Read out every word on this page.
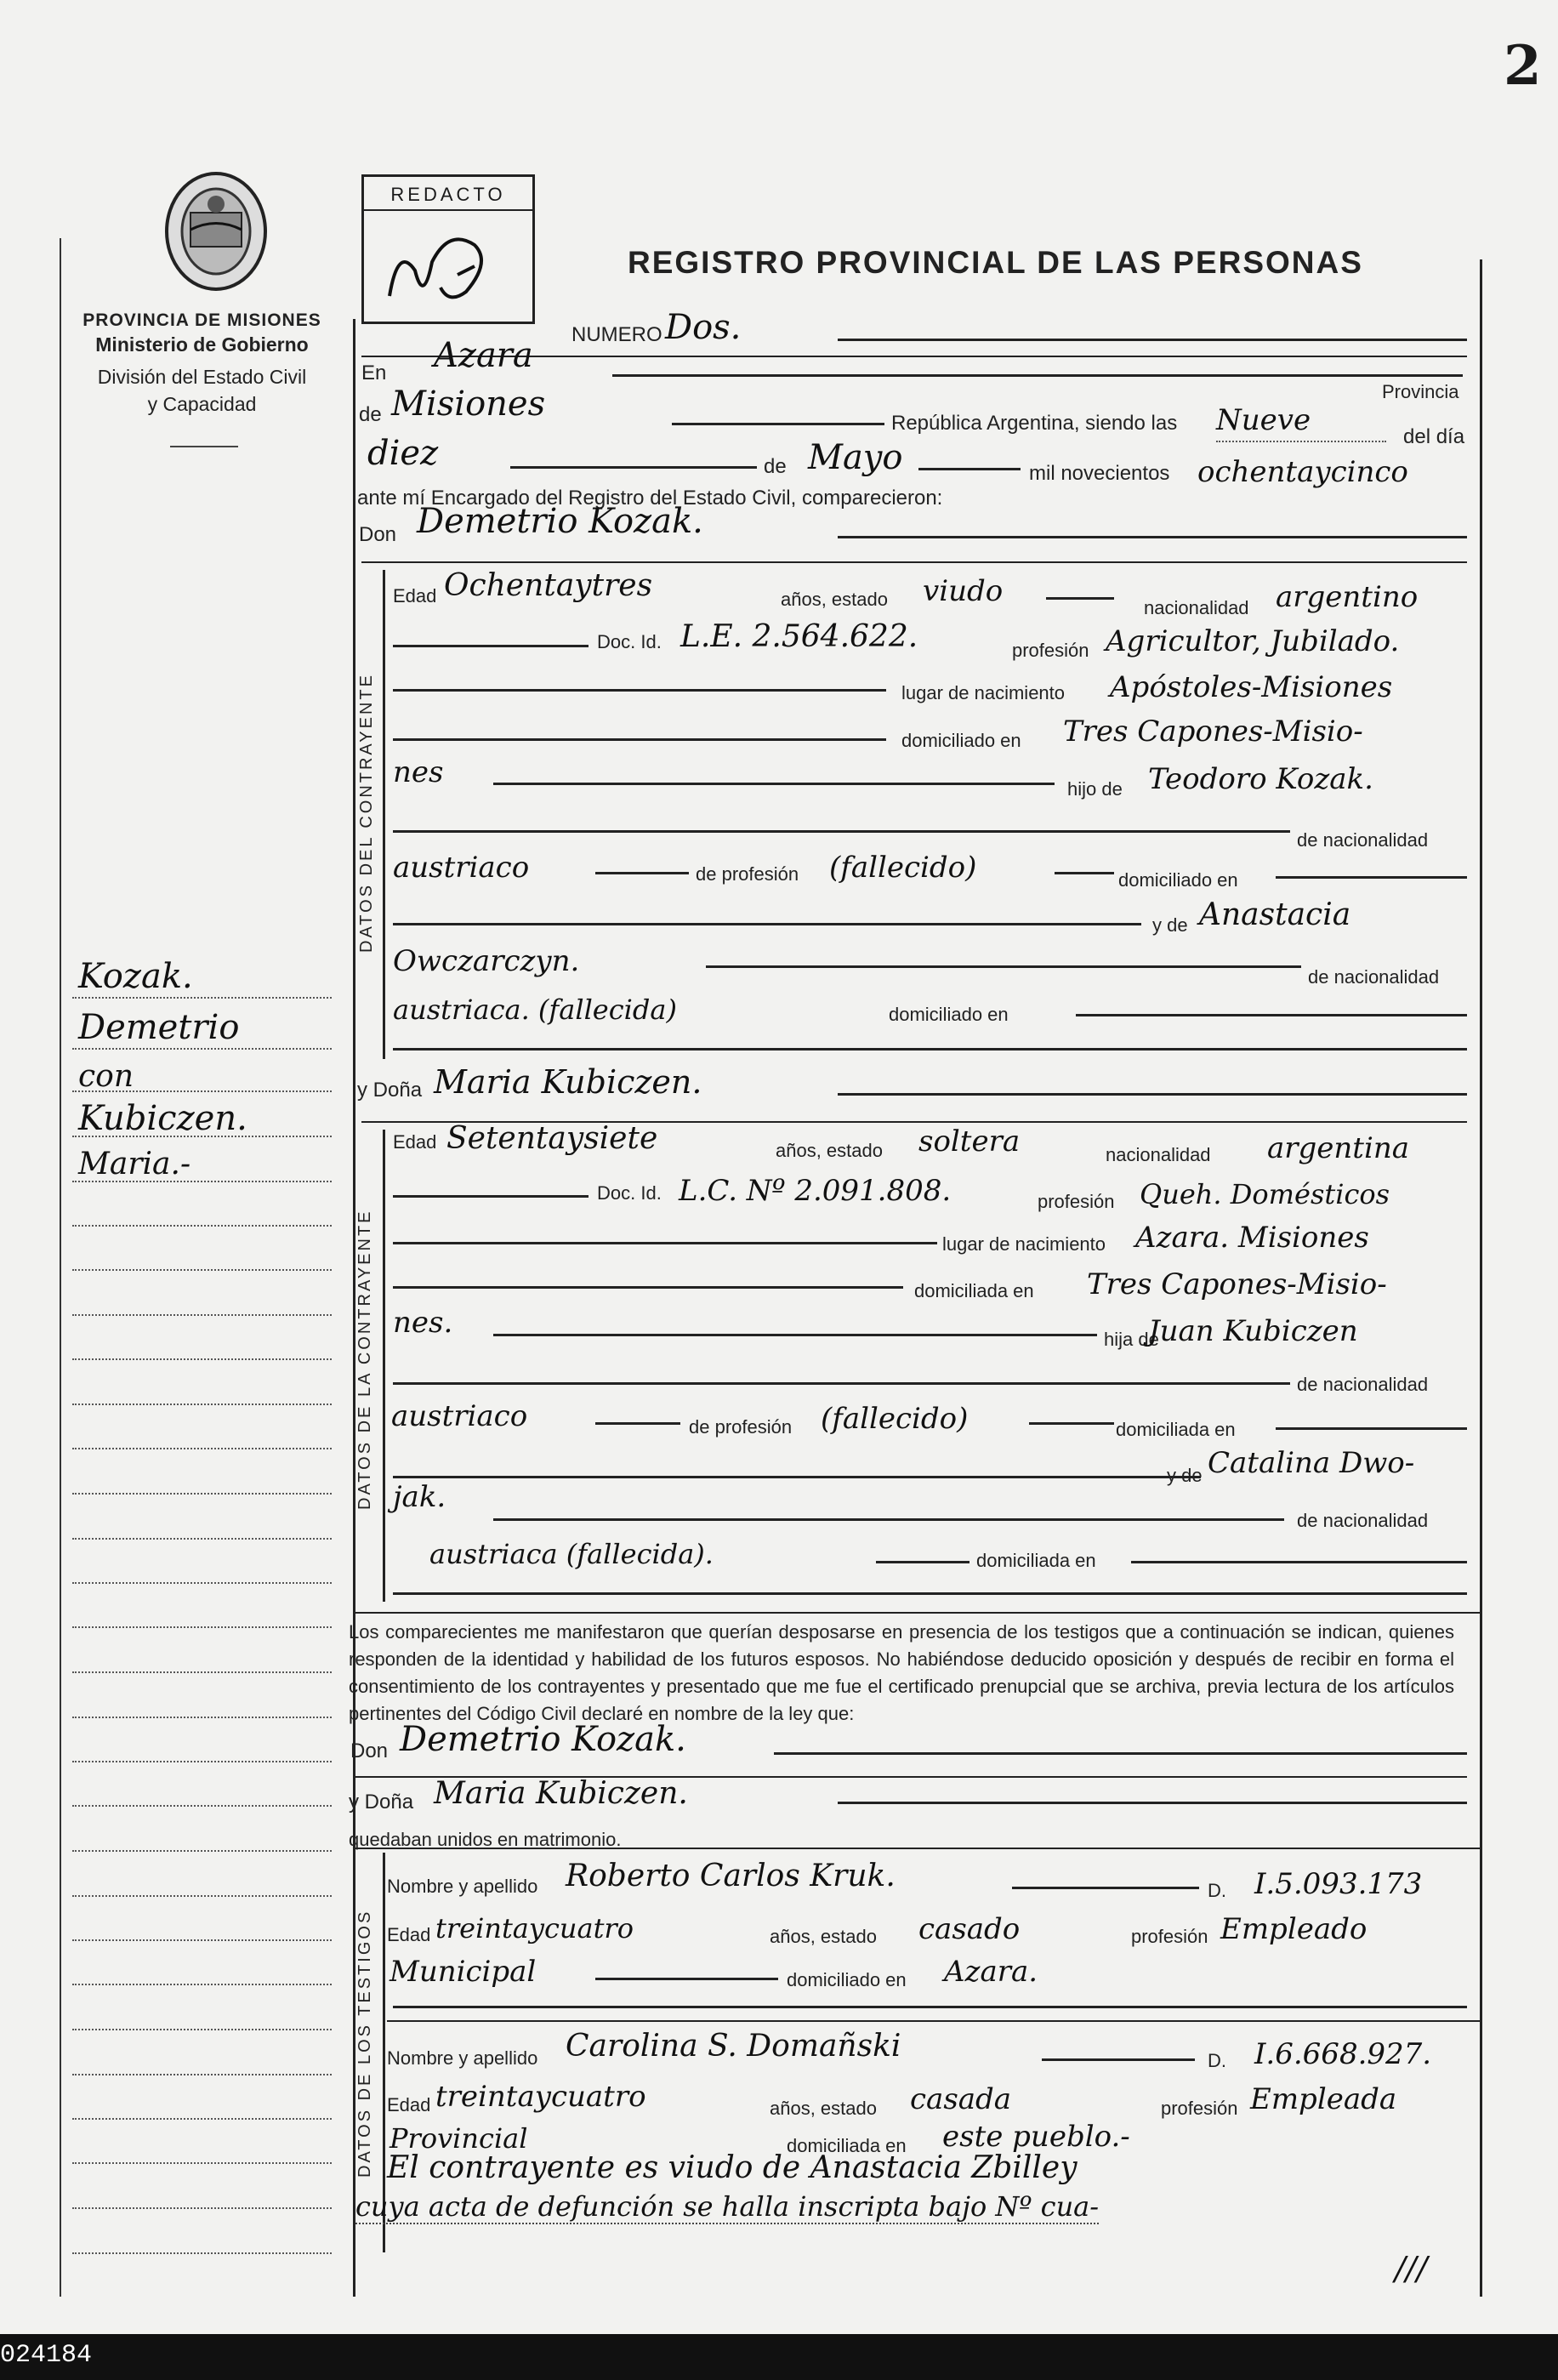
2
PROVINCIA DE MISIONES
Ministerio de Gobierno
División del Estado Civil
y Capacidad
REDACTO
REGISTRO PROVINCIAL DE LAS PERSONAS
NUMERO Dos.
En Azara
Provincia
de Misiones	República Argentina, siendo las Nueve	del día
diez	de Mayo	mil novecientos ochentaycinco
ante mí Encargado del Registro del Estado Civil, comparecieron:
Don Demetrio Kozak.
DATOS DEL CONTRAYENTE
Edad Ochentaytres	años, estado viudo	nacionalidad argentino
Doc. Id. L.E. 2.564.622.	profesión Agricultor, Jubilado.
lugar de nacimiento Apóstoles-Misiones
domiciliado en Tres Capones-Misio-
nes	hijo de Teodoro Kozak.
de nacionalidad
austriaco	de profesión (fallecido)	domiciliado en
y de Anastacia
Owczarczyn.	de nacionalidad
austriaca. (fallecida)	domiciliado en
y Doña Maria Kubiczen.
DATOS DE LA CONTRAYENTE
Edad Setentaysiete	años, estado soltera	nacionalidad argentina
Doc. Id. L.C. Nº 2.091.808.	profesión Queh. Domésticos
lugar de nacimiento Azara. Misiones
domiciliada en Tres Capones-Misio-
nes.	hija de
Juan Kubiczen
de nacionalidad
austriaco	de profesión (fallecido)	domiciliada en
y de Catalina Dwo-
jak.
de nacionalidad
austriaca (fallecida).	domiciliada en
Los comparecientes me manifestaron que querían desposarse en presencia de los testigos que a continuación se indican, quienes responden de la identidad y habilidad de los futuros esposos. No habiéndose deducido oposición y después de recibir en forma el consentimiento de los contrayentes y presentado que me fue el certificado prenupcial que se archiva, previa lectura de los artículos pertinentes del Código Civil declaré en nombre de la ley que:
Don Demetrio Kozak.
y Doña Maria Kubiczen.
quedaban unidos en matrimonio.
DATOS DE LOS TESTIGOS
Nombre y apellido Roberto Carlos Kruk.	D. I.5.093.173
Edad treintaycuatro	años, estado casado	profesión Empleado
Municipal	domiciliado en Azara.
Nombre y apellido Carolina S. Domañski	D. I.6.668.927.
Edad treintaycuatro	años, estado casada	profesión Empleada
Provincial	domiciliada en este pueblo.-
El contrayente es viudo de Anastacia Zbilley
cuya acta de defunción se halla inscripta bajo Nº cua-
///
Kozak.
Demetrio
con
Kubiczen.
Maria.-
024184
